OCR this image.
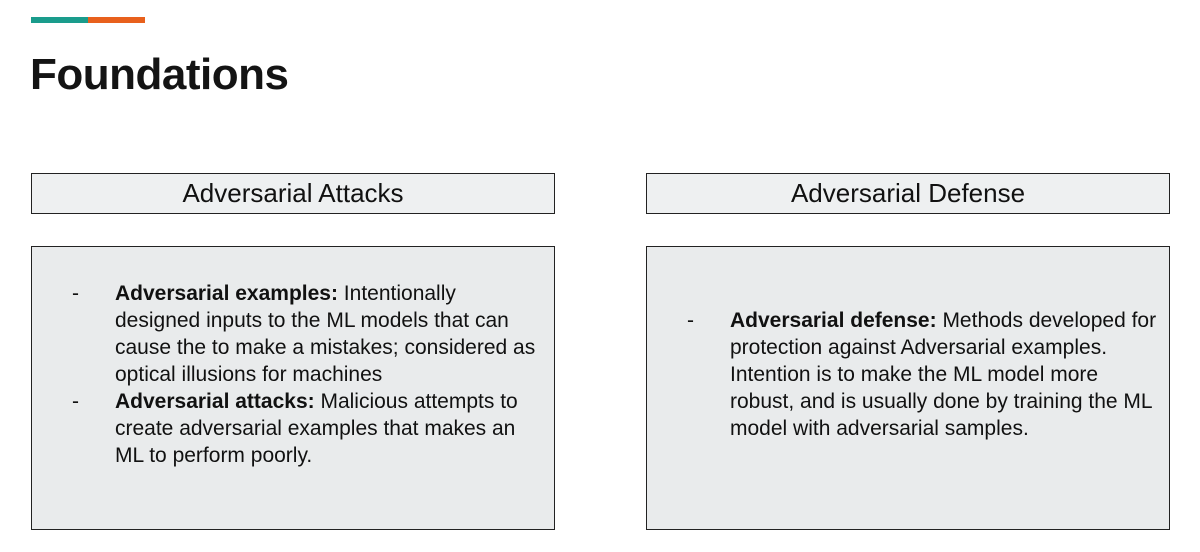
Foundations
Adversarial Attacks	Adversarial Defense
- Adversarial examples: Intentionally designed inputs to the ML models that can cause the to make a mistakes; considered as optical illusions for machines
- Adversarial attacks: Malicious attempts to create adversarial examples that makes an ML to perform poorly.
- Adversarial defense: Methods developed for protection against Adversarial examples. Intention is to make the ML model more robust, and is usually done by training the ML model with adversarial samples.
